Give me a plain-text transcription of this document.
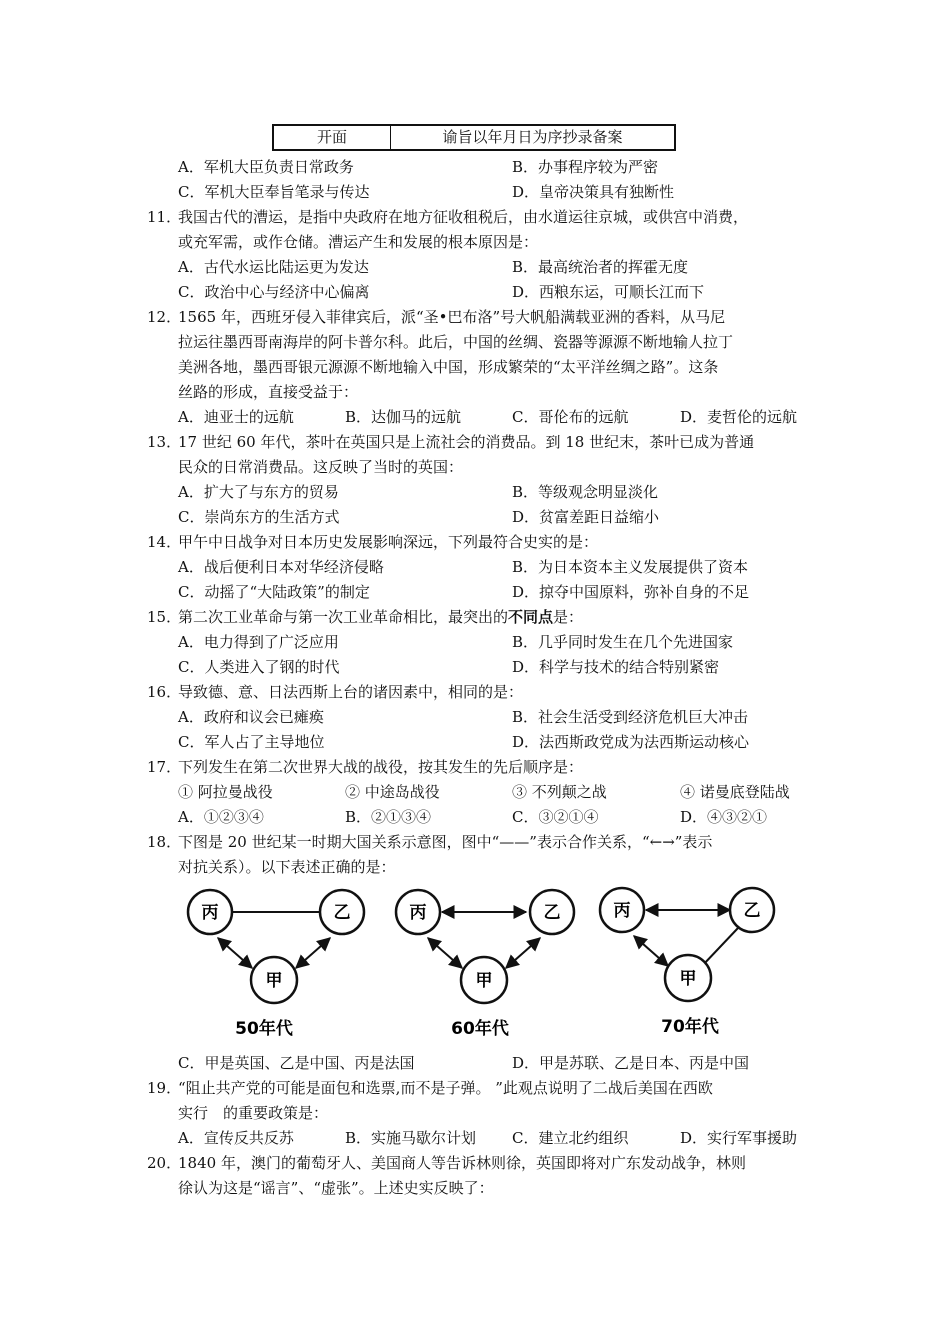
开面	谕旨以年月日为序抄录备案
A．军机大臣负责日常政务	B．办事程序较为严密
C．军机大臣奉旨笔录与传达	D．皇帝决策具有独断性
11．
我国古代的漕运，是指中央政府在地方征收租税后，由水道运往京城，或供宫中消费，
或充军需，或作仓储。漕运产生和发展的根本原因是：
A．古代水运比陆运更为发达	B．最高统治者的挥霍无度
C．政治中心与经济中心偏离	D．西粮东运，可顺长江而下
12．
1565 年，西班牙侵入菲律宾后，派“圣•巴布洛”号大帆船满载亚洲的香料，从马尼
拉运往墨西哥南海岸的阿卡普尔科。此后，中国的丝绸、瓷器等源源不断地输人拉丁
美洲各地，墨西哥银元源源不断地输入中国，形成繁荣的“太平洋丝绸之路”。这条
丝路的形成，直接受益于：
A．迪亚士的远航	B．达伽马的远航	C．哥伦布的远航	D．麦哲伦的远航
13．
17 世纪 60 年代，茶叶在英国只是上流社会的消费品。到 18 世纪末，茶叶已成为普通
民众的日常消费品。这反映了当时的英国：
A．扩大了与东方的贸易	B．等级观念明显淡化
C．崇尚东方的生活方式	D．贫富差距日益缩小
14．
甲午中日战争对日本历史发展影响深远，下列最符合史实的是：
A．战后便利日本对华经济侵略	B．为日本资本主义发展提供了资本
C．动摇了“大陆政策”的制定	D．掠夺中国原料，弥补自身的不足
15．
第二次工业革命与第一次工业革命相比，最突出的不同点是：
A．电力得到了广泛应用	B．几乎同时发生在几个先进国家
C．人类进入了钢的时代	D．科学与技术的结合特别紧密
16．
导致德、意、日法西斯上台的诸因素中，相同的是：
A．政府和议会已瘫痪	B．社会生活受到经济危机巨大冲击
C．军人占了主导地位	D．法西斯政党成为法西斯运动核心
17．
下列发生在第二次世界大战的战役，按其发生的先后顺序是：
① 阿拉曼战役	② 中途岛战役	③ 不列颠之战	④ 诺曼底登陆战
A．①②③④	B．②①③④	C．③②①④	D．④③②①
18．
下图是 20 世纪某一时期大国关系示意图，图中“——”表示合作关系，“←→”表示
对抗关系）。以下表述正确的是：
丙	乙
甲
50年代
丙	乙
甲
60年代
丙	乙
甲
70年代
C．甲是英国、乙是中国、丙是法国	D．甲是苏联、乙是日本、丙是中国
19．
“阻止共产党的可能是面包和选票,而不是子弹。 ”此观点说明了二战后美国在西欧
实行　的重要政策是：
A．宣传反共反苏	B．实施马歇尔计划 C．建立北约组织	D．实行军事援助
20．
1840 年，澳门的葡萄牙人、美国商人等告诉林则徐，英国即将对广东发动战争，林则
徐认为这是“谣言”、“虚张”。上述史实反映了：
